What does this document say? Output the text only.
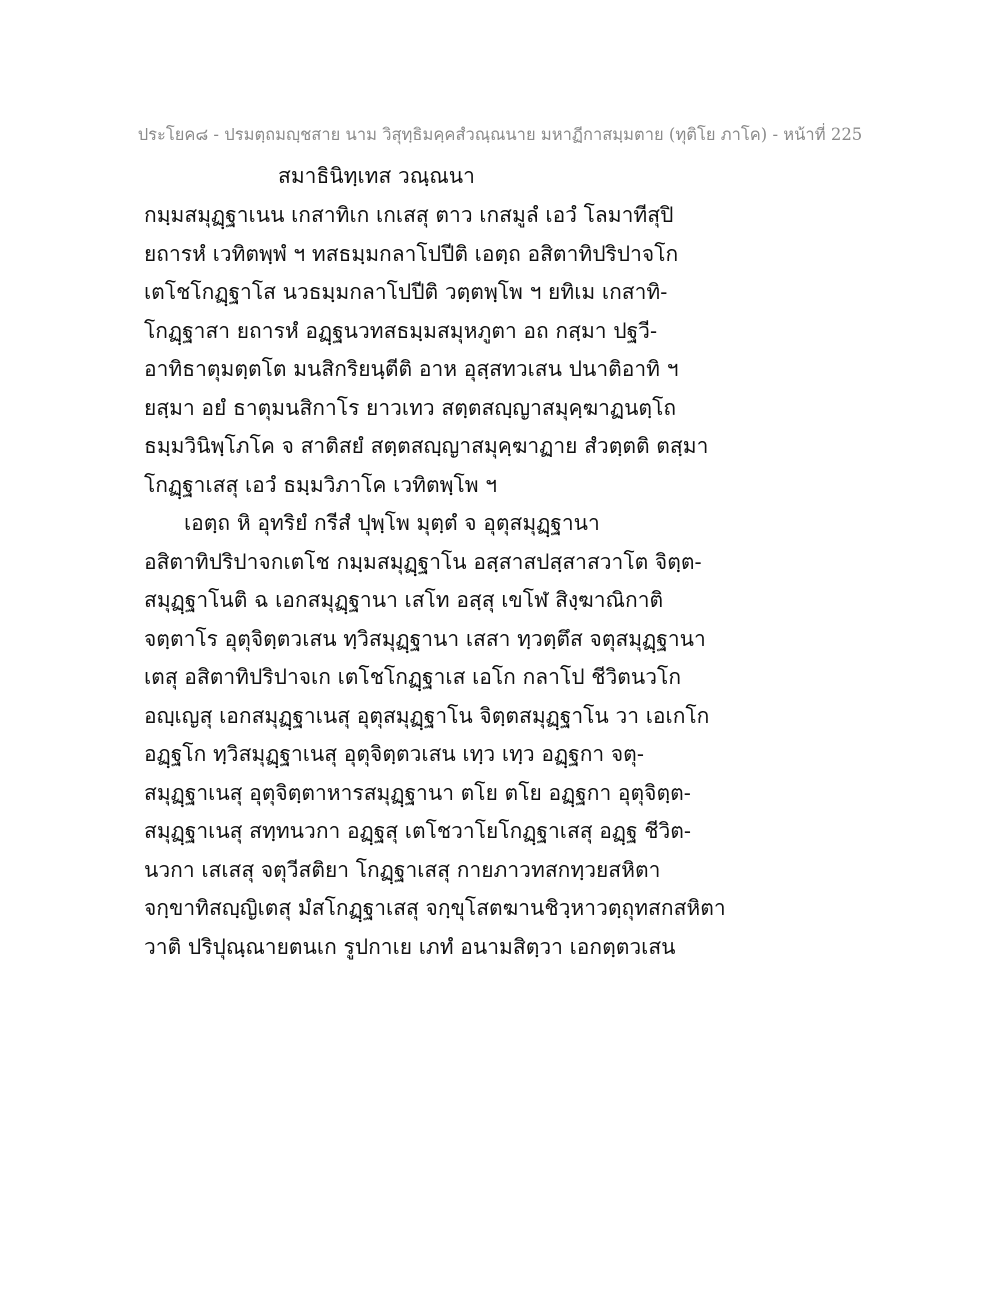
ประโยค๘ - ปรมตฺถมญฺชสาย นาม วิสุทฺธิมคฺคสํวณฺณนาย มหาฏีกาสมฺมตาย (ทุติโย ภาโค) - หน้าที่ 225
สมาธินิทฺเทส วณฺณนา
กมฺมสมุฏฺฐาเนน เกสาทิเก เกเสสุ ตาว เกสมูลํ เอวํ โลมาทีสุปิ
ยถารหํ เวทิตพฺพํ ฯ ทสธมฺมกลาโปปีติ เอตฺถ อสิตาทิปริปาจโก
เตโชโกฏฺฐาโส นวธมฺมกลาโปปีติ วตฺตพฺโพ ฯ ยทิเม เกสาทิ-
โกฏฺฐาสา ยถารหํ อฏฺฐนวทสธมฺมสมุหภูตา อถ กสฺมา ปฐวี-
อาทิธาตุมตฺตโต มนสิกริยนฺตีติ อาห อุสฺสทวเสน ปนาติอาทิ ฯ
ยสฺมา อยํ ธาตุมนสิกาโร ยาวเทว สตฺตสญฺญาสมุคฺฆาฏนตฺโถ
ธมฺมวินิพฺโภโค จ สาติสยํ สตฺตสญฺญาสมุคฺฆาฏาย สํวตฺตติ ตสฺมา
โกฏฺฐาเสสุ เอวํ ธมฺมวิภาโค เวทิตพฺโพ ฯ
เอตฺถ หิ อุทริยํ กรีสํ ปุพฺโพ มุตฺตํ จ อุตุสมุฏฺฐานา
อสิตาทิปริปาจกเตโช กมฺมสมุฏฺฐาโน อสฺสาสปสฺสาสวาโต จิตฺต-
สมุฏฺฐาโนติ ฉ เอกสมุฏฺฐานา เสโท อสฺสุ เขโฬ สิงฺฆาณิกาติ
จตฺตาโร อุตุจิตฺตวเสน ทฺวิสมุฏฺฐานา เสสา ทฺวตฺตึส จตุสมุฏฺฐานา
เตสุ อสิตาทิปริปาจเก เตโชโกฏฺฐาเส เอโก กลาโป ชีวิตนวโก
อญฺเญสุ เอกสมุฏฺฐาเนสุ อุตุสมุฏฺฐาโน จิตฺตสมุฏฺฐาโน วา เอเกโก
อฏฺฐโก ทฺวิสมุฏฺฐาเนสุ อุตุจิตฺตวเสน เทฺว เทฺว อฏฺฐกา จตุ-
สมุฏฺฐาเนสุ อุตุจิตฺตาหารสมุฏฺฐานา ตโย ตโย อฏฺฐกา อุตุจิตฺต-
สมุฏฺฐาเนสุ สทฺทนวกา อฏฺฐสุ เตโชวาโยโกฏฺฐาเสสุ อฏฺฐ ชีวิต-
นวกา เสเสสุ จตุวีสติยา โกฏฺฐาเสสุ กายภาวทสกทฺวยสหิตา
จกฺขาทิสญฺญิเตสุ มํสโกฏฺฐาเสสุ จกฺขุโสตฆานชิวฺหาวตฺถุทสกสหิตา
วาติ ปริปุณฺณายตนเก รูปกาเย เภทํ อนามสิตฺวา เอกตฺตวเสน
